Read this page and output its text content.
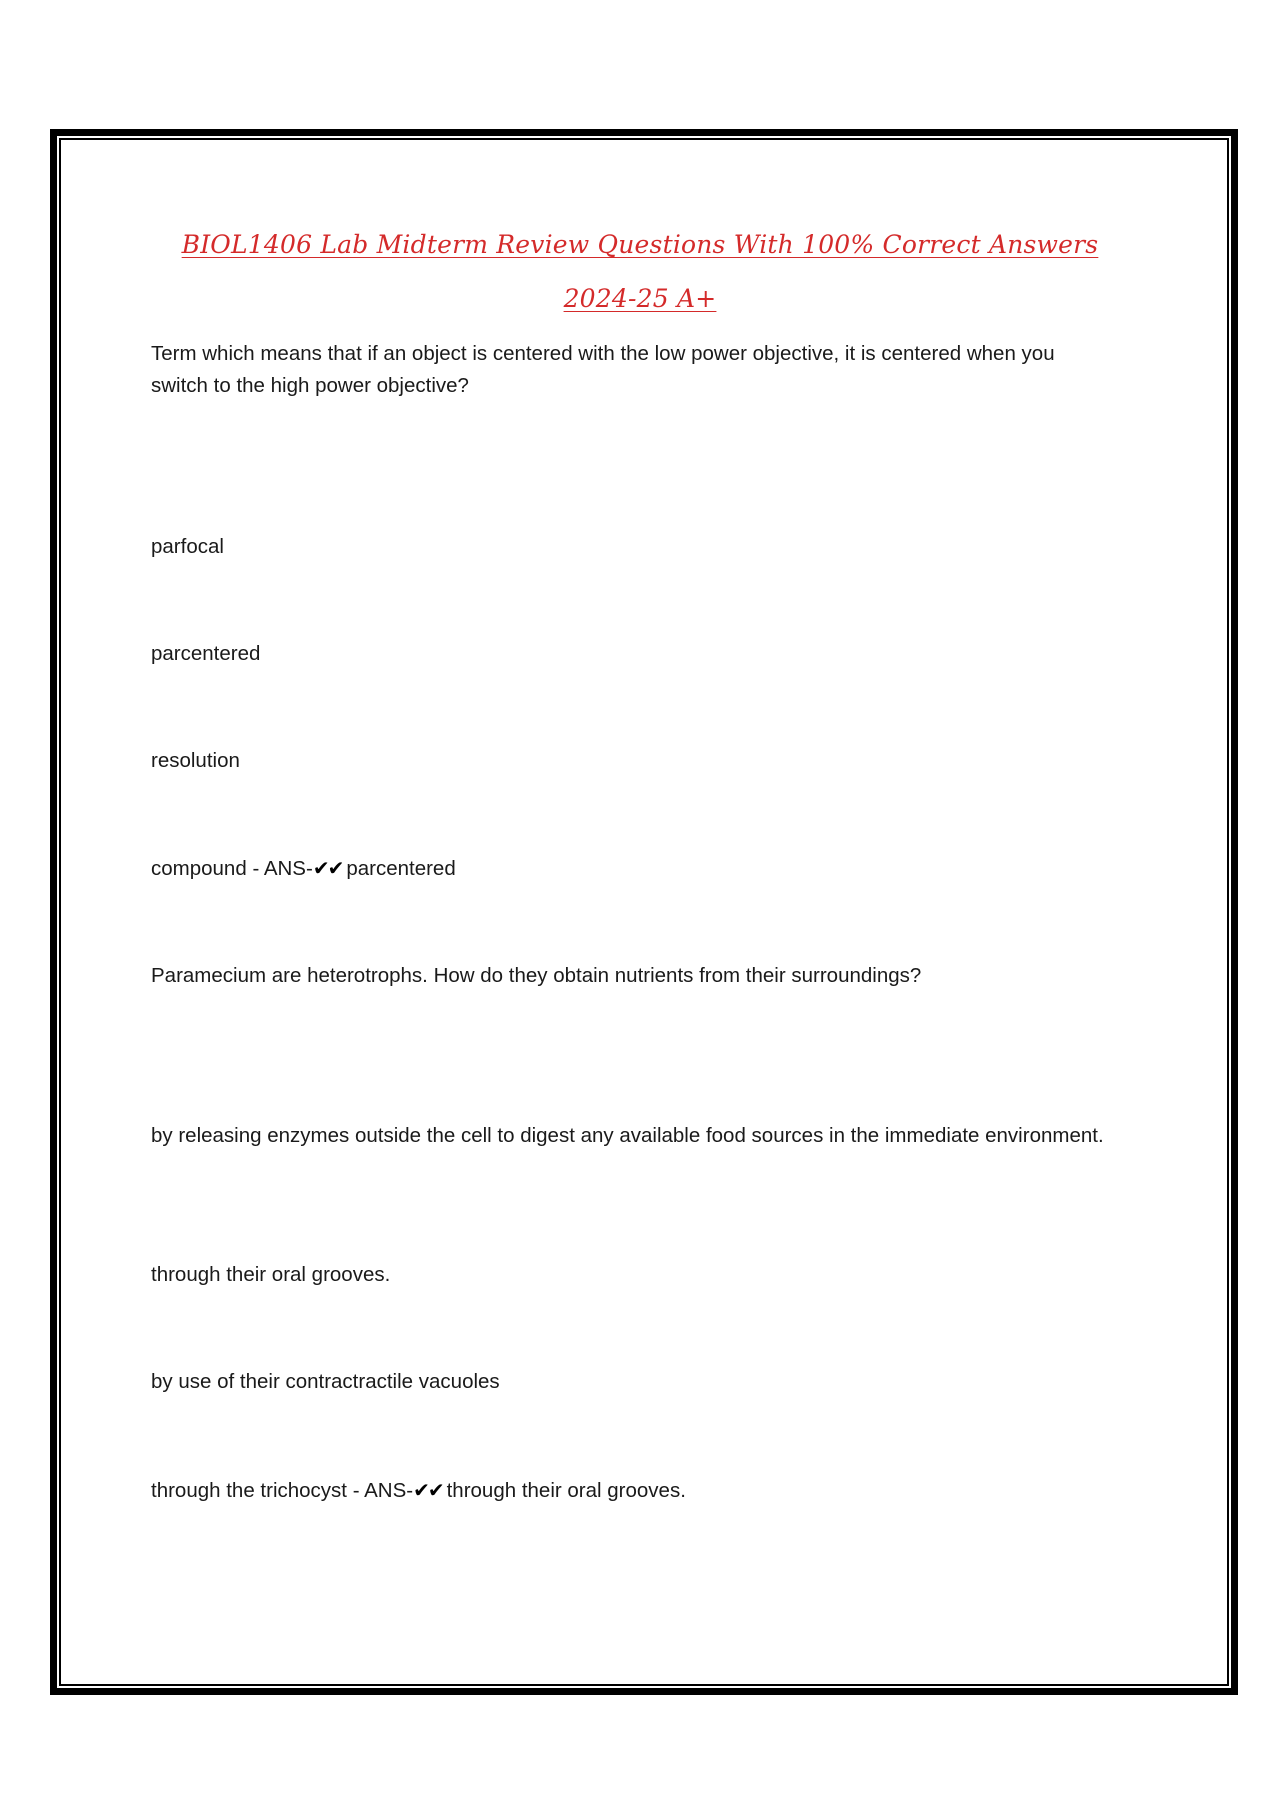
BIOL1406 Lab Midterm Review Questions With 100% Correct Answers
2024-25 A+
Term which means that if an object is centered with the low power objective, it is centered when you switch to the high power objective?
parfocal
parcentered
resolution
compound - ANS-✔✔ parcentered
Paramecium are heterotrophs. How do they obtain nutrients from their surroundings?
by releasing enzymes outside the cell to digest any available food sources in the immediate environment.
through their oral grooves.
by use of their contractractile vacuoles
through the trichocyst - ANS-✔✔ through their oral grooves.
